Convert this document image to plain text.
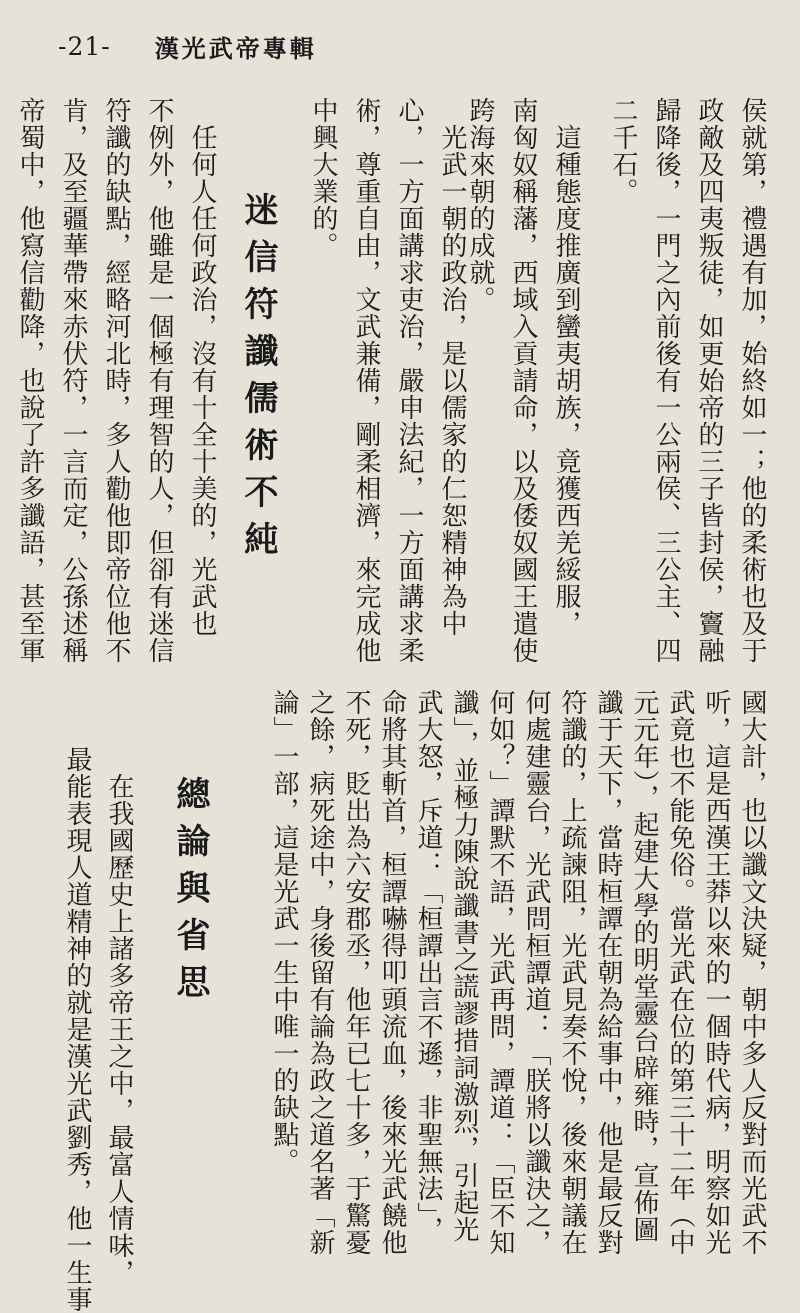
-21- 漢光武帝專輯
侯就第，禮遇有加，始終如一；他的柔術也及于
政敵及四夷叛徒，如更始帝的三子皆封侯，竇融
歸降後，一門之內前後有一公兩侯、三公主、四
二千石。
　這種態度推廣到蠻夷胡族，竟獲西羌綏服，
南匈奴稱藩，西域入貢請命，以及倭奴國王遣使
跨海來朝的成就。
　光武一朝的政治，是以儒家的仁恕精神為中
心，一方面講求吏治，嚴申法紀，一方面講求柔
術，尊重自由，文武兼備，剛柔相濟，來完成他
中興大業的。
迷信符讖儒術不純
　任何人任何政治，沒有十全十美的，光武也
不例外，他雖是一個極有理智的人，但卻有迷信
符讖的缺點，經略河北時，多人勸他即帝位他不
肯，及至疆華帶來赤伏符，一言而定，公孫述稱
帝蜀中，他寫信勸降，也說了許多讖語，甚至軍
國大計，也以讖文決疑，朝中多人反對而光武不
听，這是西漢王莽以來的一個時代病，明察如光
武竟也不能免俗。當光武在位的第三十二年（中
元元年），起建大學的明堂靈台辟雍時，宣佈圖
讖于天下，當時桓譚在朝為給事中，他是最反對
符讖的，上疏諫阻，光武見奏不悅，後來朝議在
何處建靈台，光武問桓譚道：「朕將以讖決之，
何如？」譚默不語，光武再問，譚道：「臣不知
讖」，並極力陳說讖書之謊謬措詞激烈，引起光
武大怒，斥道：「桓譚出言不遜，非聖無法」，
命將其斬首，桓譚嚇得叩頭流血，後來光武饒他
不死，貶出為六安郡丞，他年已七十多，于驚憂
之餘，病死途中，身後留有論為政之道名著「新
論」一部，這是光武一生中唯一的缺點。
總論與省思
　在我國歷史上諸多帝王之中，最富人情味，
最能表現人道精神的就是漢光武劉秀，他一生事
